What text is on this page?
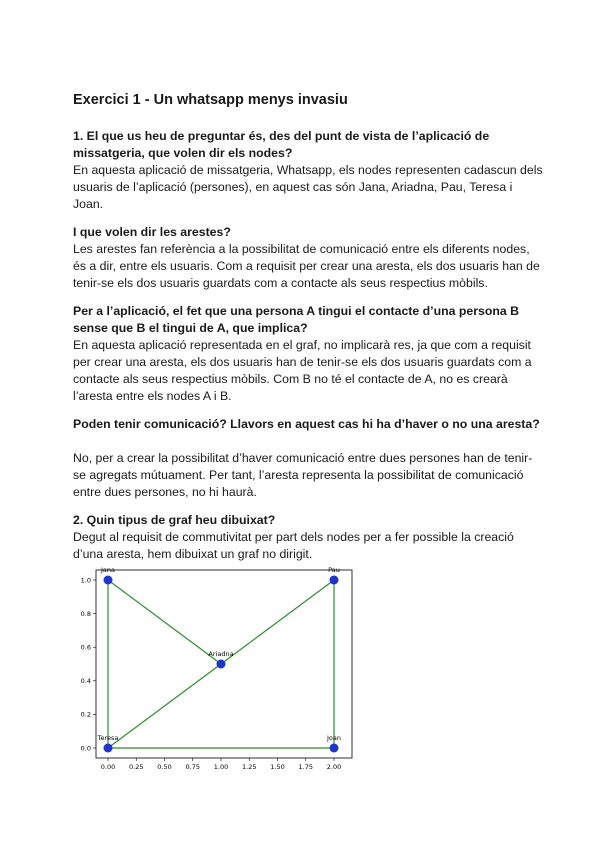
Exercici 1 - Un whatsapp menys invasiu

1. El que us heu de preguntar és, des del punt de vista de l’aplicació de missatgeria, que volen dir els nodes?

En aquesta aplicació de missatgeria, Whatsapp, els nodes representen cadascun dels usuaris de l’aplicació (persones), en aquest cas són Jana, Ariadna, Pau, Teresa i Joan.

I que volen dir les arestes?

Les arestes fan referència a la possibilitat de comunicació entre els diferents nodes, és a dir, entre els usuaris. Com a requisit per crear una aresta, els dos usuaris han de tenir-se els dos usuaris guardats com a contacte als seus respectius mòbils.

Per a l’aplicació, el fet que una persona A tingui el contacte d’una persona B sense que B el tingui de A, que implica?

En aquesta aplicació representada en el graf, no implicarà res, ja que com a requisit per crear una aresta, els dos usuaris han de tenir-se els dos usuaris guardats com a contacte als seus respectius mòbils. Com B no té el contacte de A, no es crearà l’aresta entre els nodes A i B.

Poden tenir comunicació? Llavors en aquest cas hi ha d’haver o no una aresta?

No, per a crear la possibilitat d’haver comunicació entre dues persones han de tenir-se agregats mútuament. Per tant, l’aresta representa la possibilitat de comunicació entre dues persones, no hi haurà.

2. Quin tipus de graf heu dibuixat?

Degut al requisit de commutivitat per part dels nodes per a fer possible la creació d’una aresta, hem dibuixat un graf no dirigit.

Jana	Pau
Ariadna
Teresa	Joan
0.00 0.25 0.50 0.75 1.00 1.25 1.50 1.75 2.00
0.0
0.2
0.4
0.6
0.8
1.0
